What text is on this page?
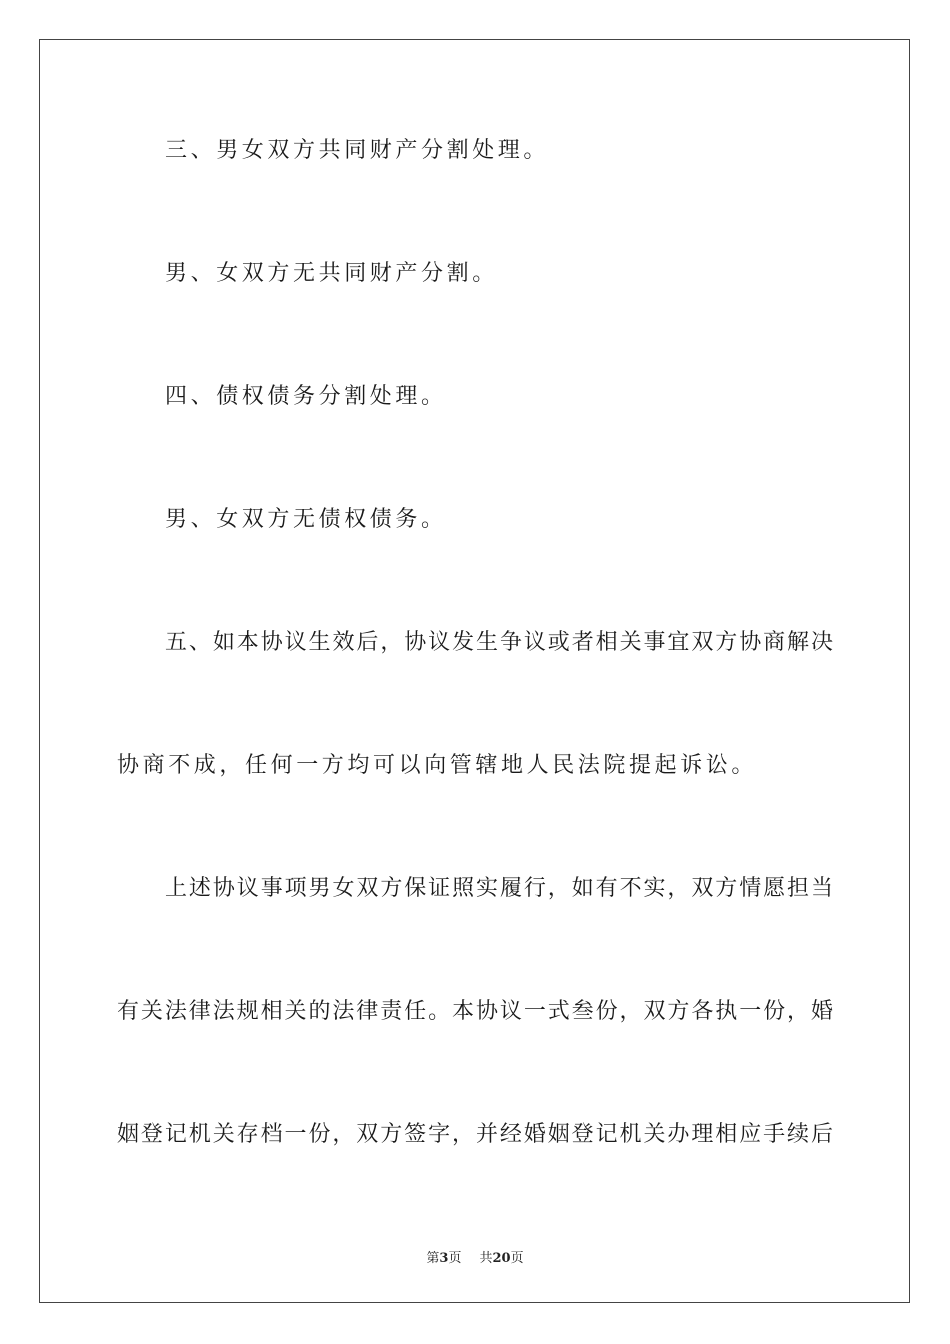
三、男女双方共同财产分割处理。
男、女双方无共同财产分割。
四、债权债务分割处理。
男、女双方无债权债务。
五、如本协议生效后，协议发生争议或者相关事宜双方协商解决
协商不成，任何一方均可以向管辖地人民法院提起诉讼。
上述协议事项男女双方保证照实履行，如有不实，双方情愿担当
有关法律法规相关的法律责任。本协议一式叁份，双方各执一份，婚
姻登记机关存档一份，双方签字，并经婚姻登记机关办理相应手续后
第3页 共20页
